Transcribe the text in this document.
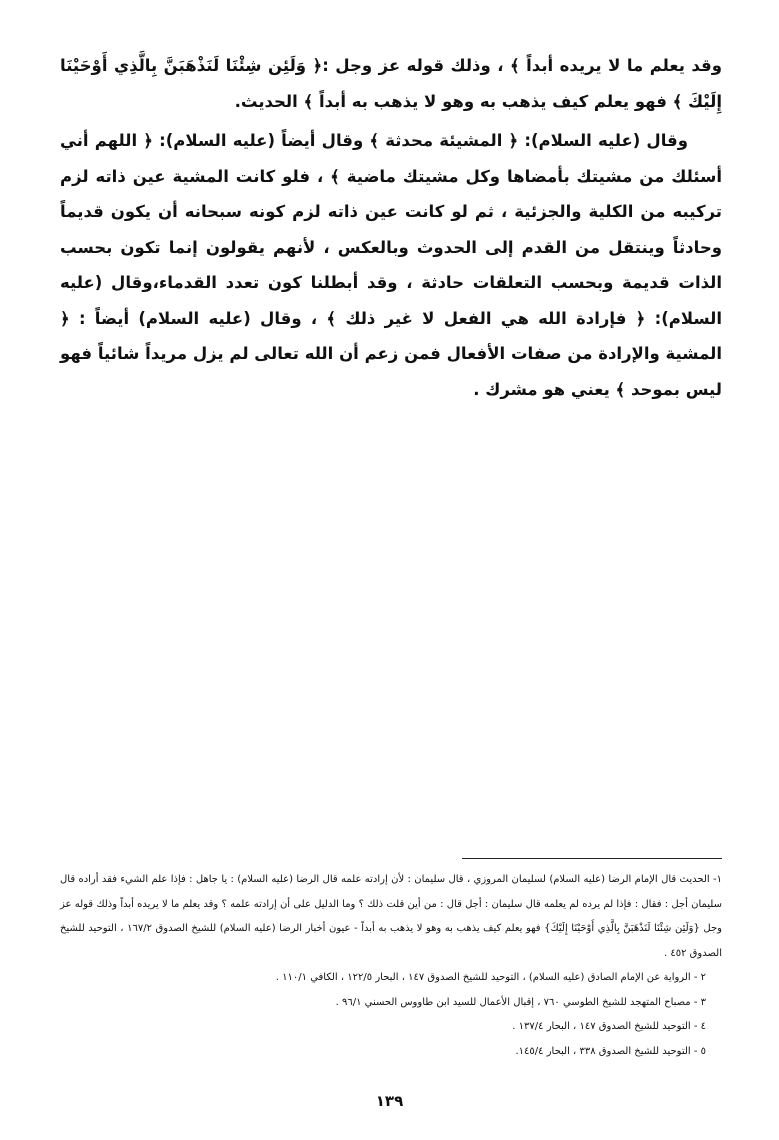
وقد يعلم ما لا يريده أبداً ﴾ ، وذلك قوله عز وجل :﴿ وَلَئِن شِئْنَا لَنَذْهَبَنَّ بِالَّذِي أَوْحَيْنَا إِلَيْكَ ﴾ فهو يعلم كيف يذهب به وهو لا يذهب به أبداً ﴾ الحديث.

وقال (عليه السلام): ﴿ المشيئة محدثة ﴾ وقال أيضاً (عليه السلام): ﴿ اللهم أني أسئلك من مشيتك بأمضاها وكل مشيتك ماضية ﴾ ، فلو كانت المشية عين ذاته لزم تركيبه من الكلية والجزئية ، ثم لو كانت عين ذاته لزم كونه سبحانه أن يكون قديماً وحادثاً وينتقل من القدم إلى الحدوث وبالعكس ، لأنهم يقولون إنما تكون بحسب الذات قديمة وبحسب التعلقات حادثة ، وقد أبطلنا كون تعدد القدماء،وقال (عليه السلام): ﴿ فإرادة الله هي الفعل لا غير ذلك ﴾ ، وقال (عليه السلام) أيضاً : ﴿ المشية والإرادة من صفات الأفعال فمن زعم أن الله تعالى لم يزل مريداً شائياً فهو ليس بموحد ﴾ يعني هو مشرك .

١- الحديث قال الإمام الرضا (عليه السلام) لسليمان المروزي ، قال سليمان : لأن إرادته علمه قال الرضا (عليه السلام) : يا جاهل : فإذا علم الشيء فقد أراده قال سليمان أجل : فقال : فإذا لم يرده لم يعلمه قال سليمان : أجل قال : من أين قلت ذلك ؟ وما الدليل على أن إرادته علمه ؟ وقد يعلم ما لا يريده أبداً وذلك قوله عز وجل {وَلَئِن شِئْنَا لَنَذْهَبَنَّ بِالَّذِي أَوْحَيْنَا إِلَيْكَ} فهو يعلم كيف يذهب به وهو لا يذهب به أبداً - عيون أخبار الرضا (عليه السلام) للشيخ الصدوق ١٦٧/٢ ، التوحيد للشيخ الصدوق ٤٥٢ .

٢ - الرواية عن الإمام الصادق (عليه السلام) ، التوحيد للشيخ الصدوق ١٤٧ ، البحار ١٢٢/٥ ، الكافي ١١٠/١ .

٣ - مصباح المتهجد للشيخ الطوسي ٧٦٠ ، إقبال الأعمال للسيد ابن طاووس الحسني ٩٦/١ .

٤ - التوحيد للشيخ الصدوق ١٤٧ ، البحار ١٣٧/٤ .

٥ - التوحيد للشيخ الصدوق ٣٣٨ ، البحار ١٤٥/٤.

١٣٩
